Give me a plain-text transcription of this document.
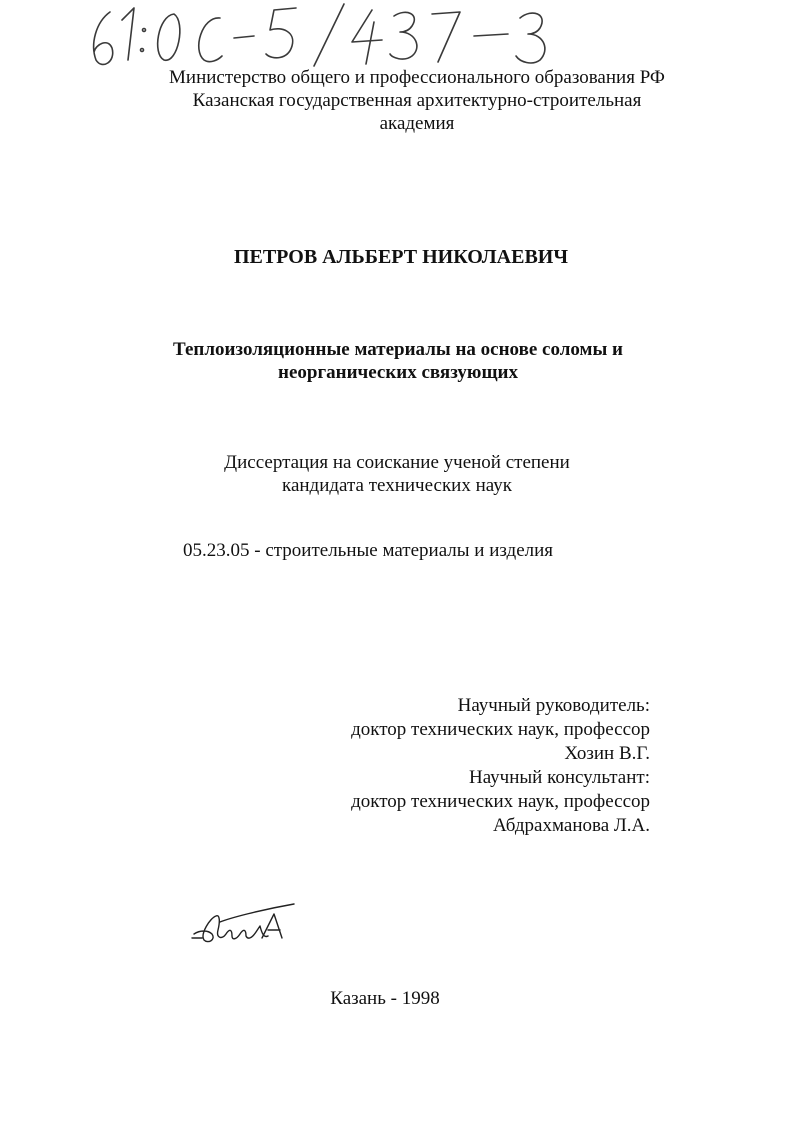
Министерство общего и профессионального образования РФ
Казанская государственная архитектурно-строительная
академия
ПЕТРОВ АЛЬБЕРТ НИКОЛАЕВИЧ
Теплоизоляционные материалы на основе соломы и
неорганических связующих
Диссертация на соискание ученой степени
кандидата технических наук
05.23.05 - строительные материалы и изделия
Научный руководитель:
доктор технических наук, профессор
Хозин В.Г.
Научный консультант:
доктор технических наук, профессор
Абдрахманова Л.А.
Казань - 1998
